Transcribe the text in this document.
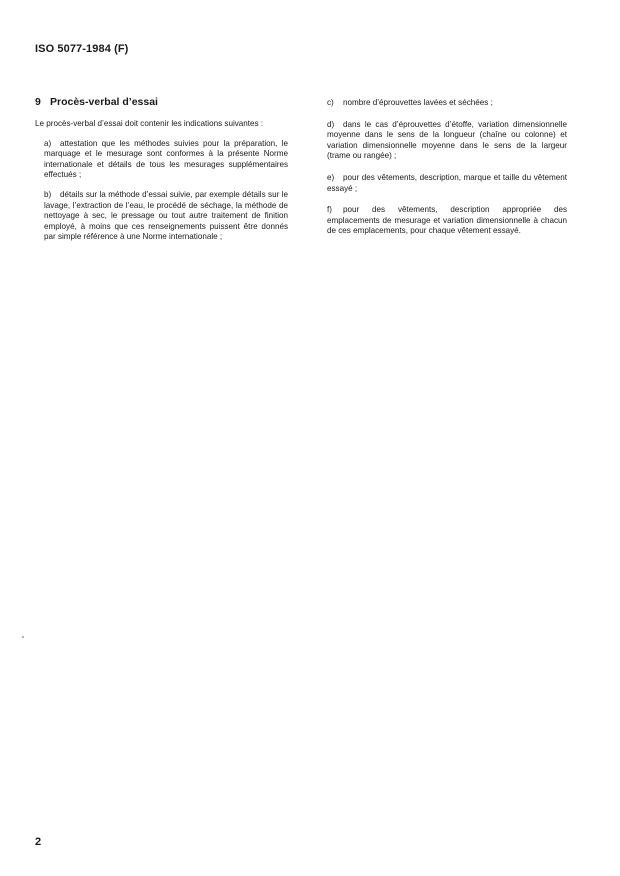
ISO 5077-1984 (F)
9 Procès-verbal d’essai

Le procès-verbal d’essai doit contenir les indications suivantes :

a) attestation que les méthodes suivies pour la préparation, le marquage et le mesurage sont conformes à la présente Norme internationale et détails de tous les mesurages supplémentaires effectués ;

b) détails sur la méthode d’essai suivie, par exemple détails sur le lavage, l’extraction de l’eau, le procédé de séchage, la méthode de nettoyage à sec, le pressage ou tout autre traitement de finition employé, à moins que ces renseignements puissent être donnés par simple référence à une Norme internationale ;

c) nombre d’éprouvettes lavées et séchées ;

d) dans le cas d’éprouvettes d’étoffe, variation dimensionnelle moyenne dans le sens de la longueur (chaîne ou colonne) et variation dimensionnelle moyenne dans le sens de la largeur (trame ou rangée) ;

e) pour des vêtements, description, marque et taille du vêtement essayé ;

f) pour des vêtements, description appropriée des emplacements de mesurage et variation dimensionnelle à chacun de ces emplacements, pour chaque vêtement essayé.

2
